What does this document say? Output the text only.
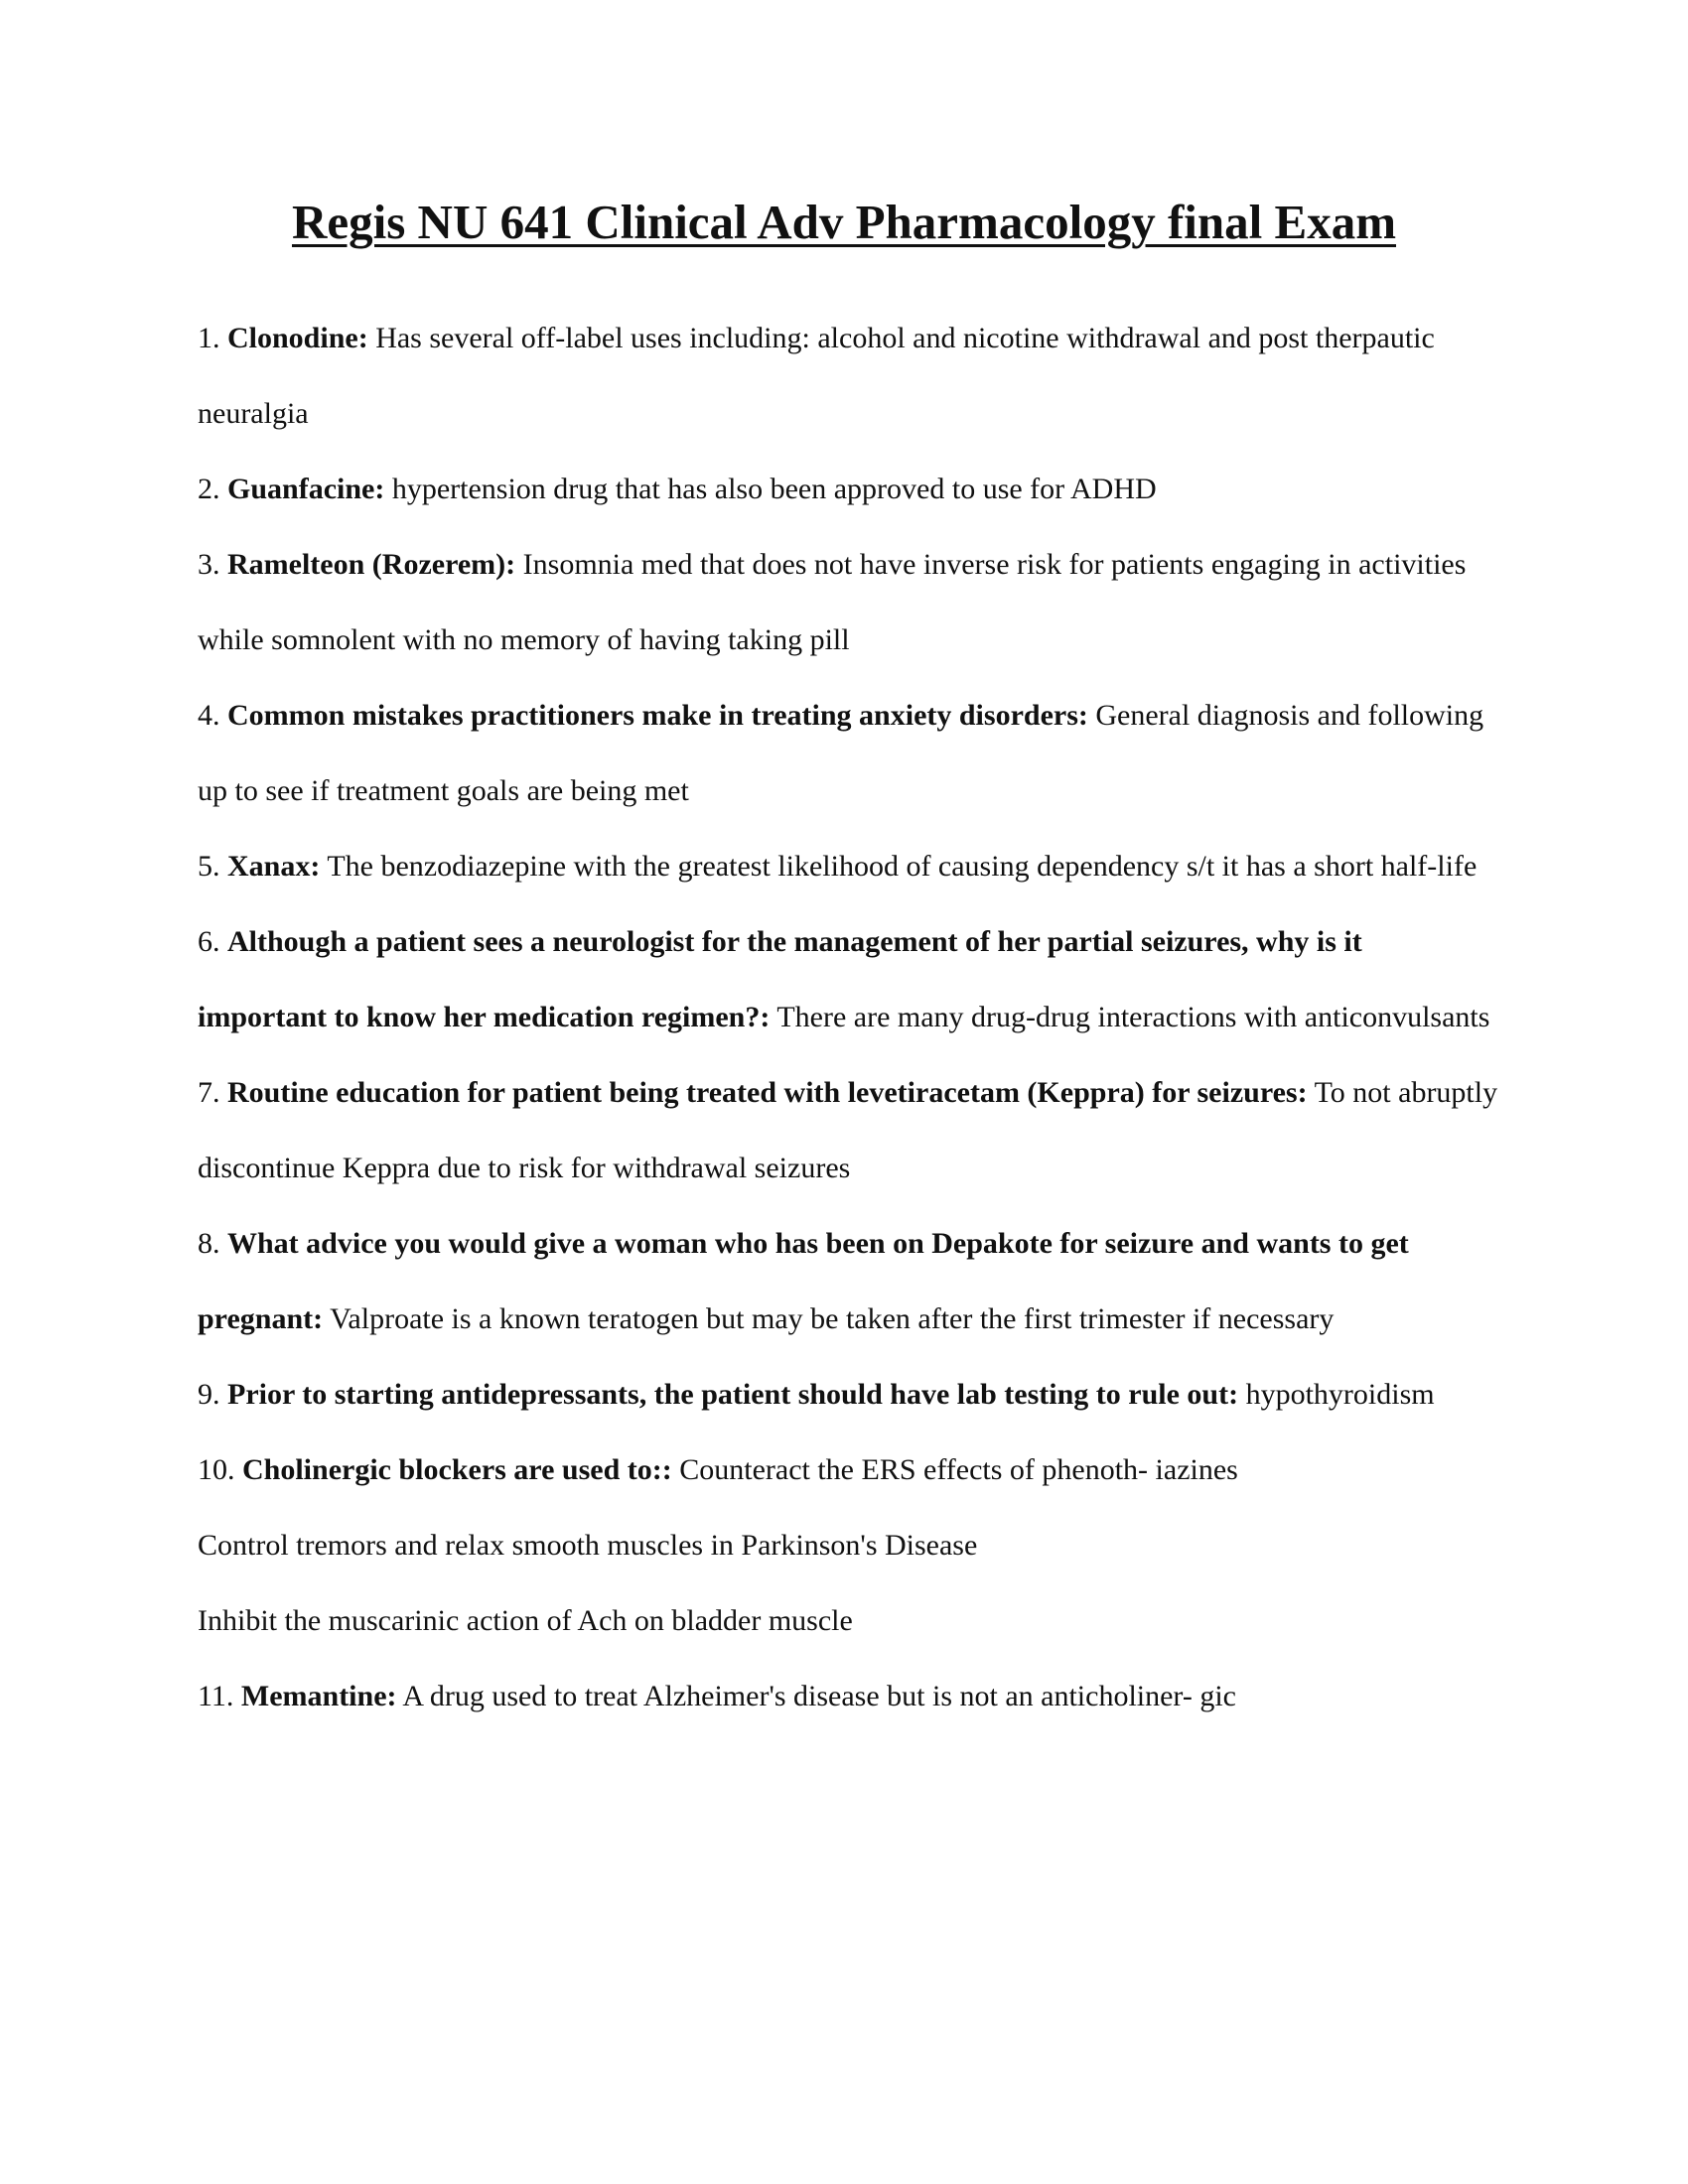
Regis NU 641 Clinical Adv Pharmacology final Exam

1. Clonodine: Has several off-label uses including: alcohol and nicotine withdrawal and post therpautic neuralgia

2. Guanfacine: hypertension drug that has also been approved to use for ADHD

3. Ramelteon (Rozerem): Insomnia med that does not have inverse risk for patients engaging in activities while somnolent with no memory of having taking pill

4. Common mistakes practitioners make in treating anxiety disorders: General diagnosis and following up to see if treatment goals are being met

5. Xanax: The benzodiazepine with the greatest likelihood of causing dependency s/t it has a short half-life

6. Although a patient sees a neurologist for the management of her partial seizures, why is it important to know her medication regimen?: There are many drug-drug interactions with anticonvulsants

7. Routine education for patient being treated with levetiracetam (Keppra) for seizures: To not abruptly discontinue Keppra due to risk for withdrawal seizures

8. What advice you would give a woman who has been on Depakote for seizure and wants to get pregnant: Valproate is a known teratogen but may be taken after the first trimester if necessary

9. Prior to starting antidepressants, the patient should have lab testing to rule out: hypothyroidism

10. Cholinergic blockers are used to:: Counteract the ERS effects of phenoth- iazines

Control tremors and relax smooth muscles in Parkinson's Disease

Inhibit the muscarinic action of Ach on bladder muscle

11. Memantine: A drug used to treat Alzheimer's disease but is not an anticholiner- gic
